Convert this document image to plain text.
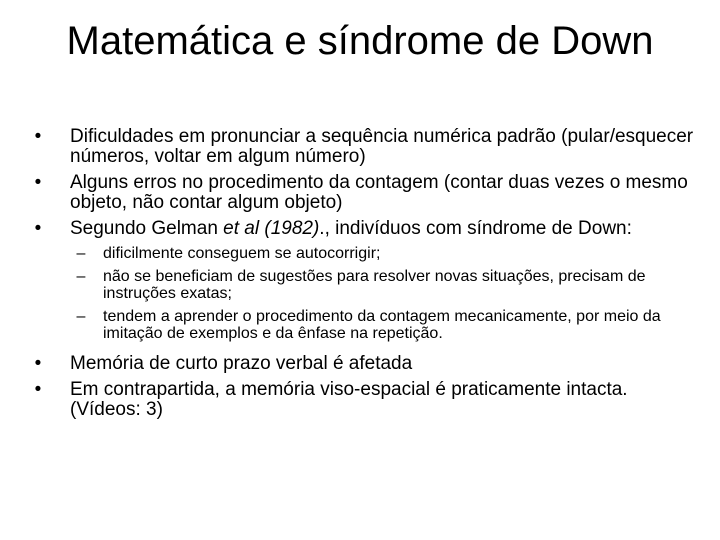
Matemática e síndrome de Down

•	Dificuldades em pronunciar a sequência numérica padrão (pular/esquecer números, voltar em algum número)

•	Alguns erros no procedimento da contagem (contar duas vezes o mesmo objeto, não contar algum objeto)

•	Segundo Gelman et al (1982)., indivíduos com síndrome de Down:

–	dificilmente conseguem se autocorrigir;

–	não se beneficiam de sugestões para resolver novas situações, precisam de instruções exatas;

–	tendem a aprender o procedimento da contagem mecanicamente, por meio da imitação de exemplos e da ênfase na repetição.

•	Memória de curto prazo verbal é afetada

•	Em contrapartida, a memória viso-espacial é praticamente intacta. (Vídeos: 3)
